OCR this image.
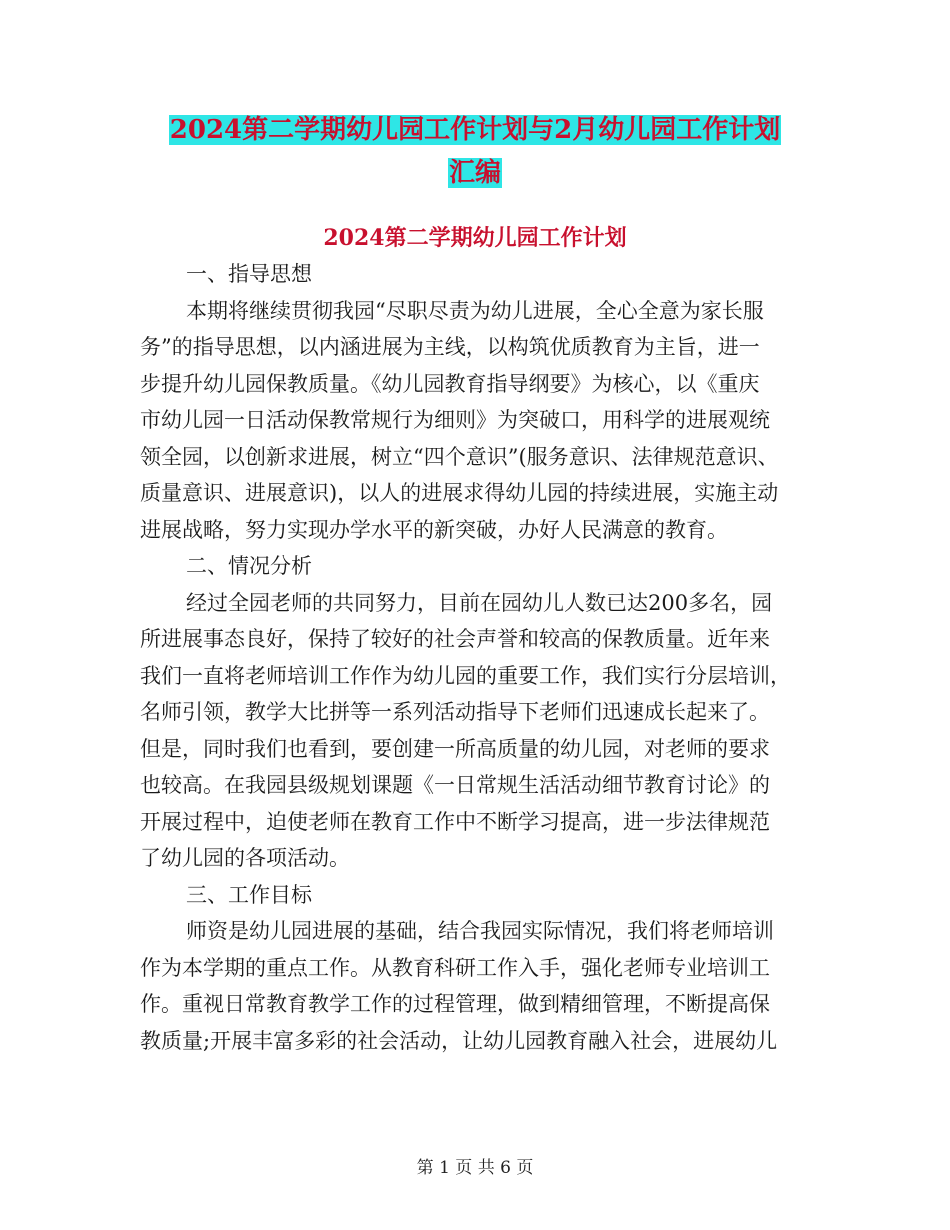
2024第二学期幼儿园工作计划与2月幼儿园工作计划
汇编
2024第二学期幼儿园工作计划
一、指导思想
本期将继续贯彻我园“尽职尽责为幼儿进展，全心全意为家长服
务”的指导思想，以内涵进展为主线，以构筑优质教育为主旨，进一
步提升幼儿园保教质量。《幼儿园教育指导纲要》为核心，以《重庆
市幼儿园一日活动保教常规行为细则》为突破口，用科学的进展观统
领全园，以创新求进展，树立“四个意识”(服务意识、法律规范意识、
质量意识、进展意识)，以人的进展求得幼儿园的持续进展，实施主动
进展战略，努力实现办学水平的新突破，办好人民满意的教育。
二、情况分析
经过全园老师的共同努力，目前在园幼儿人数已达200多名，园
所进展事态良好，保持了较好的社会声誉和较高的保教质量。近年来
我们一直将老师培训工作作为幼儿园的重要工作，我们实行分层培训，
名师引领，教学大比拼等一系列活动指导下老师们迅速成长起来了。
但是，同时我们也看到，要创建一所高质量的幼儿园，对老师的要求
也较高。在我园县级规划课题《一日常规生活活动细节教育讨论》的
开展过程中，迫使老师在教育工作中不断学习提高，进一步法律规范
了幼儿园的各项活动。
三、工作目标
师资是幼儿园进展的基础，结合我园实际情况，我们将老师培训
作为本学期的重点工作。从教育科研工作入手，强化老师专业培训工
作。重视日常教育教学工作的过程管理，做到精细管理，不断提高保
教质量;开展丰富多彩的社会活动，让幼儿园教育融入社会，进展幼儿
第 1 页 共 6 页
